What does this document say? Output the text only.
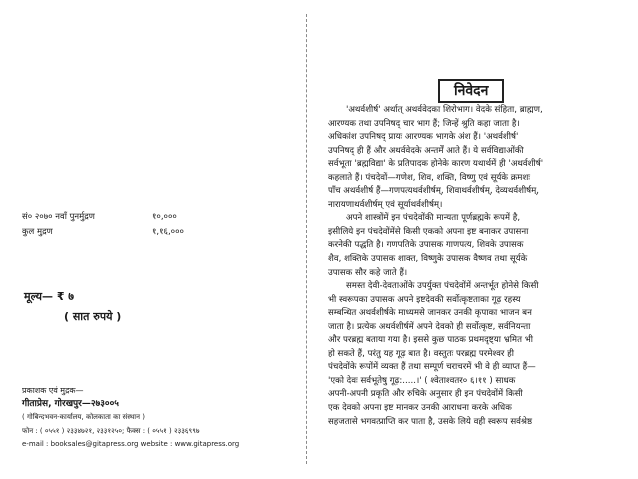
सं० २०७० नवाँ पुनर्मुद्रण	१०,०००
कुल मुद्रण	१,१६,०००
मूल्य— ₹ ७
( सात रुपये )
प्रकाशक एवं मुद्रक—
गीताप्रेस, गोरखपुर—२७३००५
( गोबिन्दभवन-कार्यालय, कोलकाता का संस्थान )
फोन : ( ०५५१ ) २३३४७२१, २३३१२५०; फैक्स : ( ०५५१ ) २३३६९९७
e-mail : booksales@gitapress.org website : www.gitapress.org
निवेदन
'अथर्वशीर्ष' अर्थात् अथर्ववेदका शिरोभाग। वेदके संहिता, ब्राह्मण,
आरण्यक तथा उपनिषद् चार भाग हैं; जिन्हें श्रुति कहा जाता है।
अधिकांश उपनिषद् प्रायः आरण्यक भागके अंश हैं। 'अथर्वशीर्ष'
उपनिषद् ही हैं और अथर्ववेदके अन्तर्में आते हैं। ये सर्वविद्याओंकी
सर्वभूता 'ब्रह्मविद्या' के प्रतिपादक होनेके कारण यथार्थमें ही 'अथर्वशीर्ष'
कहलाते हैं। पंचदेवों—गणेश, शिव, शक्ति, विष्णु एवं सूर्यके क्रमशः
पाँच अथर्वशीर्ष हैं—गणपत्यथर्वशीर्षम्, शिवाथर्वशीर्षम्, देव्यथर्वशीर्षम्,
नारायणाथर्वशीर्षम् एवं सूर्याथर्वशीर्षम्।
अपने शास्त्रोंमें इन पंचदेवोंकी मान्यता पूर्णब्रह्मके रूपमें है,
इसीलिये इन पंचदेवोंमेंसे किसी एकको अपना इष्ट बनाकर उपासना
करनेकी पद्धति है। गणपतिके उपासक गाणपत्य, शिवके उपासक
शैव, शक्तिके उपासक शाक्त, विष्णुके उपासक वैष्णव तथा सूर्यके
उपासक सौर कहे जाते हैं।
समस्त देवी-देवताओंके उपर्युक्त पंचदेवोंमें अन्तर्भूत होनेसे किसी
भी स्वरूपका उपासक अपने इष्टदेवकी सर्वोत्कृष्टताका गूढ़ रहस्य
सम्बन्धित अथर्वशीर्षके माध्यमसे जानकर उनकी कृपाका भाजन बन
जाता है। प्रत्येक अथर्वशीर्षमें अपने देवको ही सर्वोत्कृष्ट, सर्वनियन्ता
और परब्रह्म बताया गया है। इससे कुछ पाठक प्रथमदृष्ट्या भ्रमित भी
हो सकते हैं, परंतु यह गूढ़ बात है। वस्तुतः परब्रह्म परमेश्वर ही
पंचदेवोंके रूपोंमें व्यक्त हैं तथा सम्पूर्ण चराचरमें भी वे ही व्याप्त हैं—
'एको देवः सर्वभूतेषु गूढ़:.....।' ( श्वेताश्वतर० ६।११ ) साधक
अपनी-अपनी प्रकृति और रुचिके अनुसार ही इन पंचदेवोंमें किसी
एक देवको अपना इष्ट मानकर उनकी आराधना करके अधिक
सहजतासे भगवत्प्राप्ति कर पाता है, उसके लिये वही स्वरूप सर्वश्रेष्ठ
